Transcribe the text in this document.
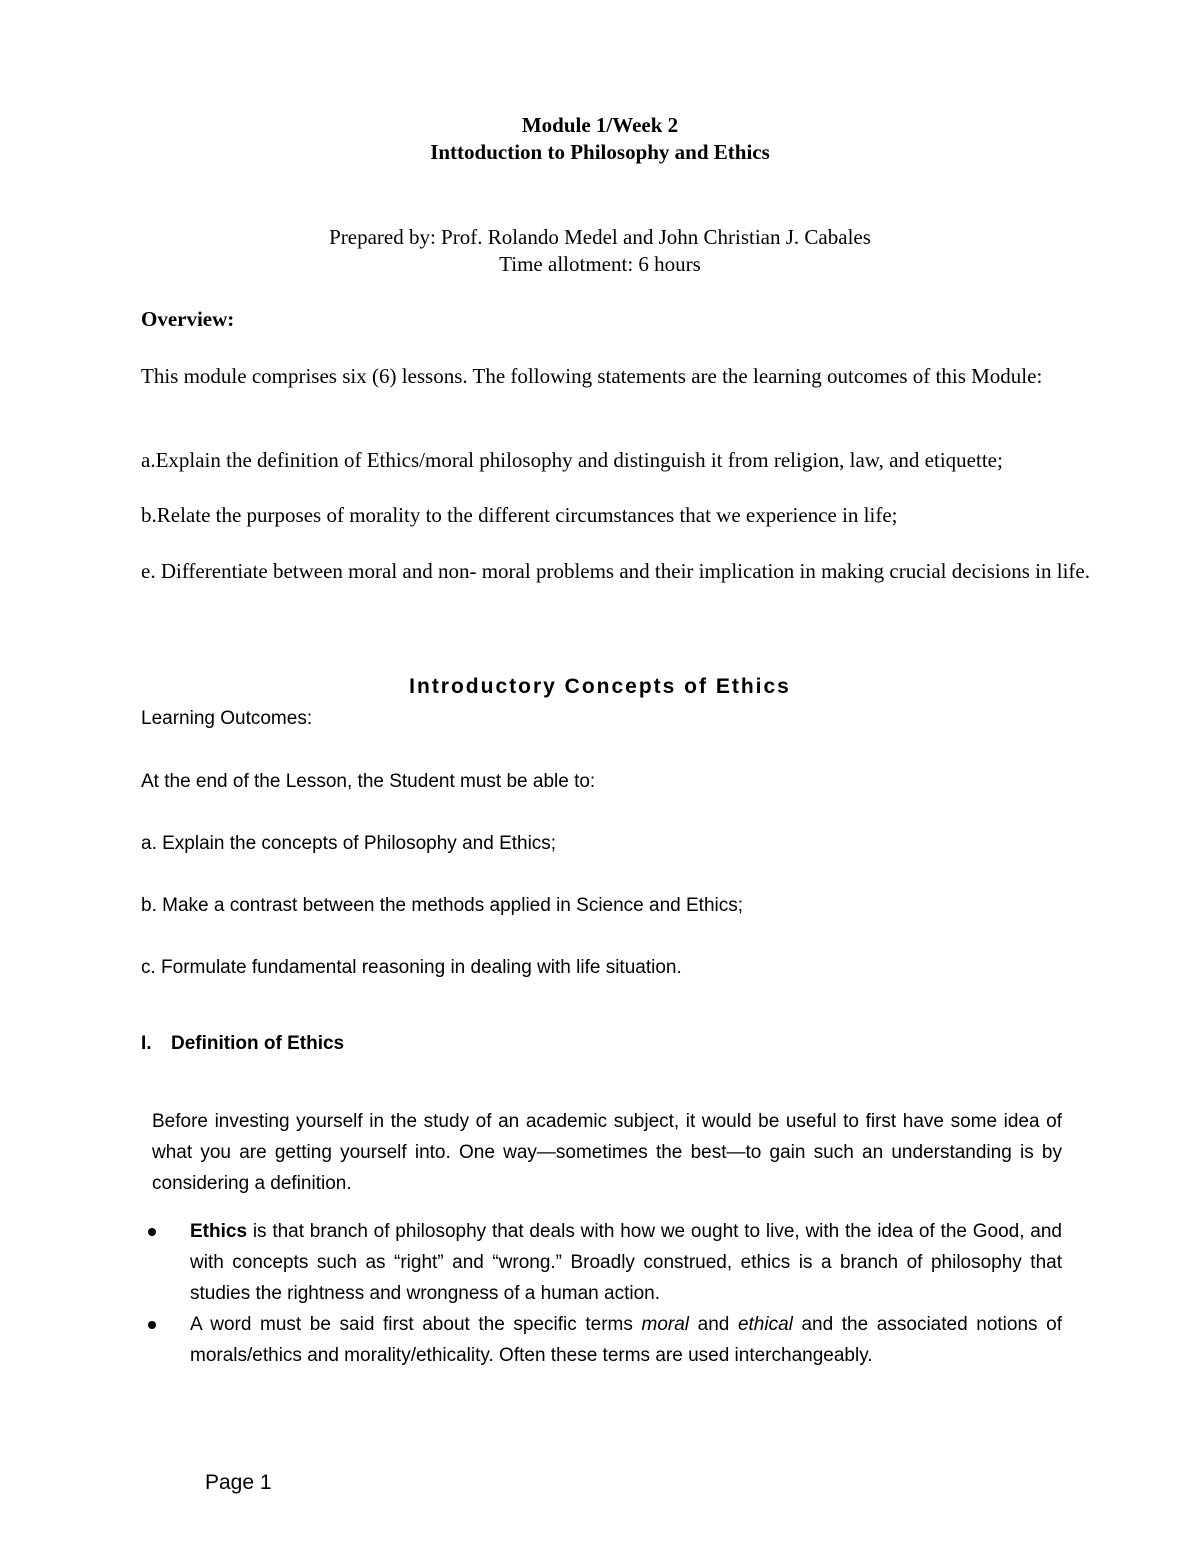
Module 1/Week 2
Inttoduction to Philosophy and Ethics
Prepared by: Prof. Rolando Medel and John Christian J. Cabales
Time allotment: 6 hours
Overview:
This module comprises six (6) lessons. The following statements are the learning outcomes of this Module:
a.Explain the definition of Ethics/moral philosophy and distinguish it from religion, law, and etiquette;
b.Relate the purposes of morality to the different circumstances that we experience in life;
e. Differentiate between moral and non- moral problems and their implication in making crucial decisions in life.
Introductory Concepts of Ethics
Learning Outcomes:
At the end of the Lesson, the Student must be able to:
a. Explain the concepts of Philosophy and Ethics;
b. Make a contrast between the methods applied in Science and Ethics;
c. Formulate fundamental reasoning in dealing with life situation.
I. Definition of Ethics
Before investing yourself in the study of an academic subject, it would be useful to first have some idea of what you are getting yourself into. One way—sometimes the best—to gain such an understanding is by considering a definition.
Ethics is that branch of philosophy that deals with how we ought to live, with the idea of the Good, and with concepts such as “right” and “wrong.” Broadly construed, ethics is a branch of philosophy that studies the rightness and wrongness of a human action.
A word must be said first about the specific terms moral and ethical and the associated notions of morals/ethics and morality/ethicality. Often these terms are used interchangeably.
Page 1
